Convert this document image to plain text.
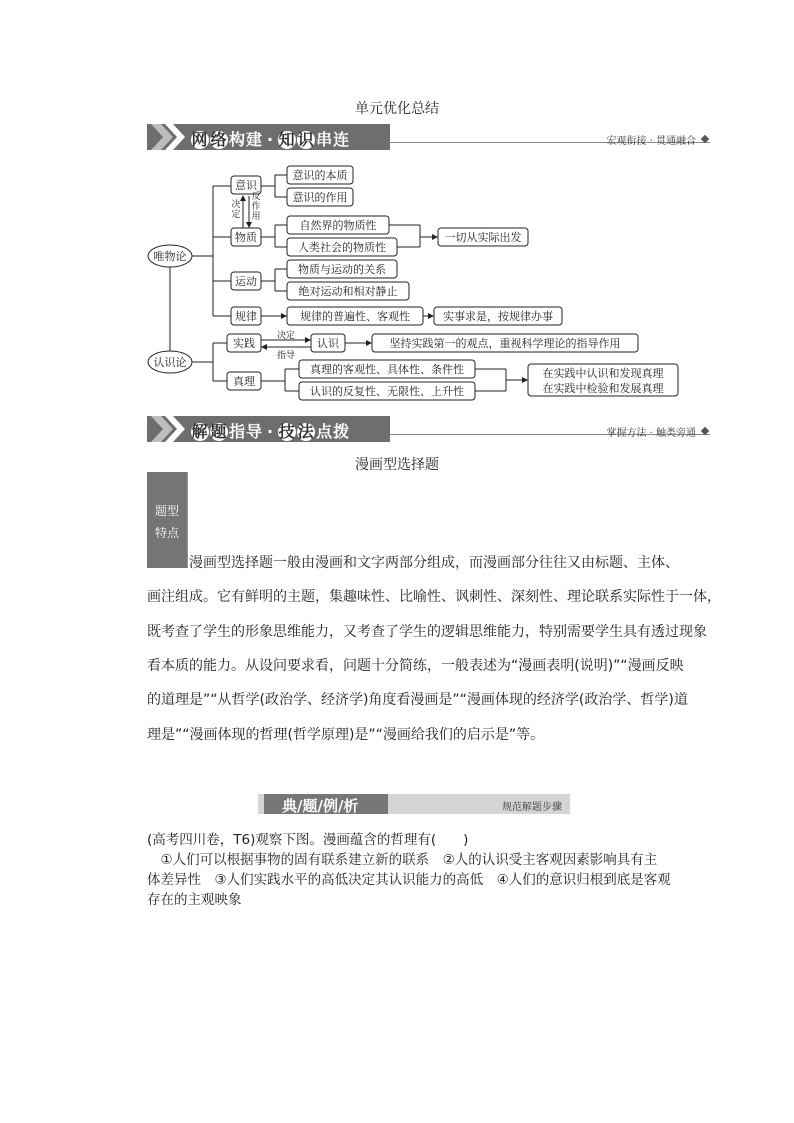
单元优化总结
网 络构建 · 知 识串连	宏观衔接 · 贯通融合
唯物论
认识论
意识
物质
运动
规律
实践
真理
认识
意识的本质
意识的作用
自然界的物质性
人类社会的物质性
一切从实际出发
物质与运动的关系
绝对运动和相对静止
规律的普遍性、客观性	实事求是，按规律办事
坚持实践第一的观点，重视科学理论的指导作用
真理的客观性、具体性、条件性
认识的反复性、无限性、上升性
在实践中认识和发现真理
在实践中检验和发展真理
决定
指导
决定
反作用
解 题指导 · 技 法点拨	掌握方法 · 触类旁通
漫画型选择题
题型
特点
漫画型选择题一般由漫画和文字两部分组成，而漫画部分往往又由标题、主体、
画注组成。它有鲜明的主题，集趣味性、比喻性、讽刺性、深刻性、理论联系实际性于一体，
既考查了学生的形象思维能力，又考查了学生的逻辑思维能力，特别需要学生具有透过现象
看本质的能力。从设问要求看，问题十分简练，一般表述为“漫画表明(说明)”“漫画反映
的道理是”“从哲学(政治学、经济学)角度看漫画是”“漫画体现的经济学(政治学、哲学)道
理是”“漫画体现的哲理(哲学原理)是”“漫画给我们的启示是”等。
典/题/例/析	规范解题步骤
(高考四川卷，T6)观察下图。漫画蕴含的哲理有(　　)
　①人们可以根据事物的固有联系建立新的联系　②人的认识受主客观因素影响具有主
体差异性　③人们实践水平的高低决定其认识能力的高低　④人们的意识归根到底是客观
存在的主观映象
